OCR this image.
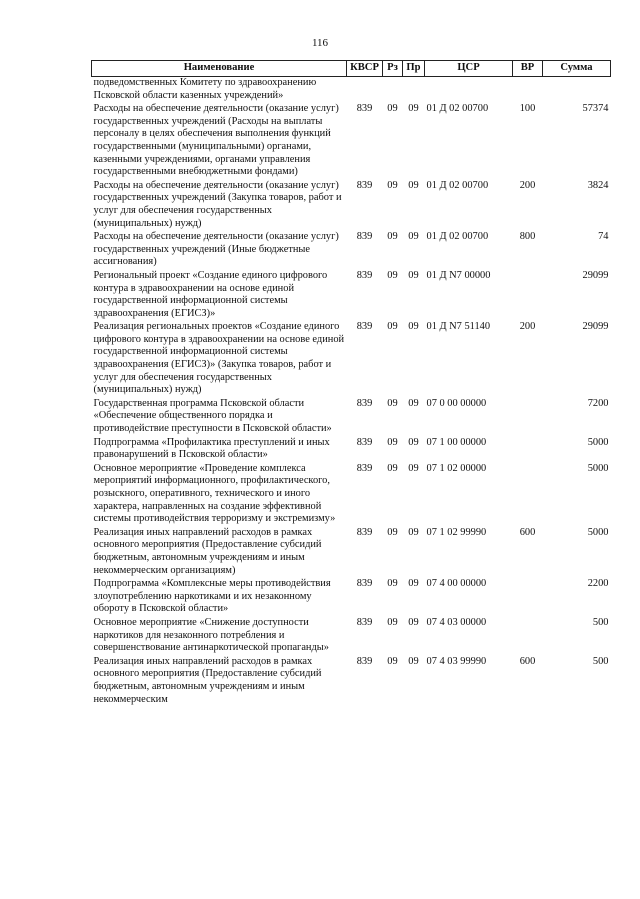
116
Наименование	КВСР	Рз	Пр	ЦСР	ВР	Сумма
подведомственных Комитету по здравоохранению Псковской области казенных учреждений»						
Расходы на обеспечение деятельности (оказание услуг) государственных учреждений (Расходы на выплаты персоналу в целях обеспечения выполнения функций государственными (муниципальными) органами, казенными учреждениями, органами управления государственными внебюджетными фондами)	839	09	09	01 Д 02 00700	100	57374
Расходы на обеспечение деятельности (оказание услуг) государственных учреждений (Закупка товаров, работ и услуг для обеспечения государственных (муниципальных) нужд)	839	09	09	01 Д 02 00700	200	3824
Расходы на обеспечение деятельности (оказание услуг) государственных учреждений (Иные бюджетные ассигнования)	839	09	09	01 Д 02 00700	800	74
Региональный проект «Создание единого цифрового контура в здравоохранении на основе единой государственной информационной системы здравоохранения (ЕГИСЗ)»	839	09	09	01 Д N7 00000		29099
Реализация региональных проектов «Создание единого цифрового контура в здравоохранении на основе единой государственной информационной системы здравоохранения (ЕГИСЗ)» (Закупка товаров, работ и услуг для обеспечения государственных (муниципальных) нужд)	839	09	09	01 Д N7 51140	200	29099
Государственная программа Псковской области «Обеспечение общественного порядка и противодействие преступности в Псковской области»	839	09	09	07 0 00 00000		7200
Подпрограмма «Профилактика преступлений и иных правонарушений в Псковской области»	839	09	09	07 1 00 00000		5000
Основное мероприятие «Проведение комплекса мероприятий информационного, профилактического, розыскного, оперативного, технического и иного характера, направленных на создание эффективной системы противодействия терроризму и экстремизму»	839	09	09	07 1 02 00000		5000
Реализация иных направлений расходов в рамках основного мероприятия (Предоставление субсидий бюджетным, автономным учреждениям и иным некоммерческим организациям)	839	09	09	07 1 02 99990	600	5000
Подпрограмма «Комплексные меры противодействия злоупотреблению наркотиками и их незаконному обороту в Псковской области»	839	09	09	07 4 00 00000		2200
Основное мероприятие «Снижение доступности наркотиков для незаконного потребления и совершенствование антинаркотической пропаганды»	839	09	09	07 4 03 00000		500
Реализация иных направлений расходов в рамках основного мероприятия (Предоставление субсидий бюджетным, автономным учреждениям и иным некоммерческим	839	09	09	07 4 03 99990	600	500
